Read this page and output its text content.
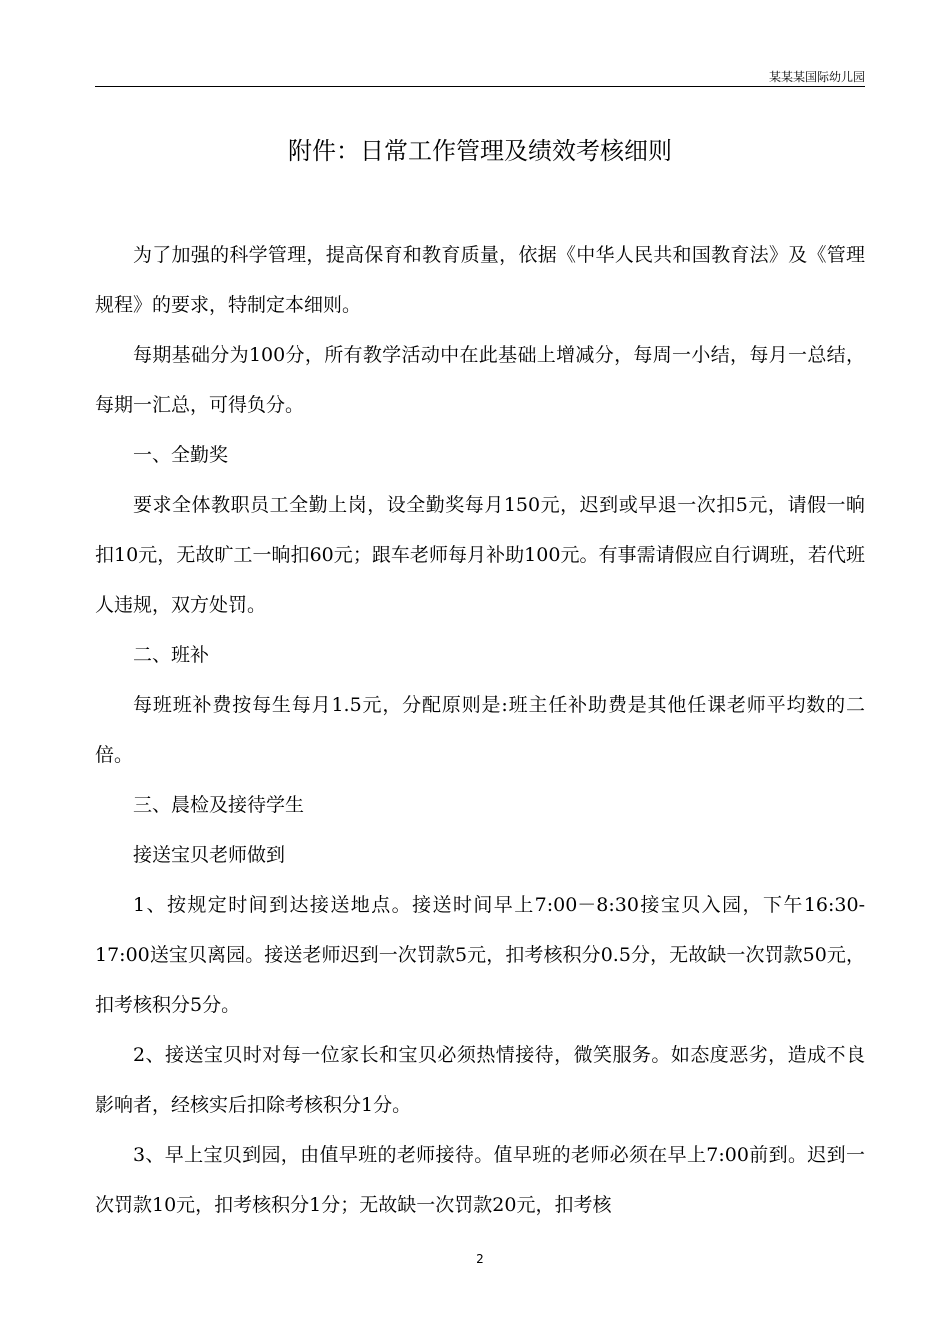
某某某国际幼儿园
附件：日常工作管理及绩效考核细则

为了加强的科学管理，提高保育和教育质量，依据《中华人民共和国教育法》及《管理规程》的要求，特制定本细则。

每期基础分为100分，所有教学活动中在此基础上增减分，每周一小结，每月一总结，每期一汇总，可得负分。

一、全勤奖

要求全体教职员工全勤上岗，设全勤奖每月150元，迟到或早退一次扣5元，请假一晌扣10元，无故旷工一晌扣60元；跟车老师每月补助100元。有事需请假应自行调班，若代班人违规，双方处罚。

二、班补

每班班补费按每生每月1.5元，分配原则是:班主任补助费是其他任课老师平均数的二倍。

三、晨检及接待学生

接送宝贝老师做到

1、按规定时间到达接送地点。接送时间早上7:00－8:30接宝贝入园，下午16:30-17:00送宝贝离园。接送老师迟到一次罚款5元，扣考核积分0.5分，无故缺一次罚款50元，扣考核积分5分。

2、接送宝贝时对每一位家长和宝贝必须热情接待，微笑服务。如态度恶劣，造成不良影响者，经核实后扣除考核积分1分。

3、早上宝贝到园，由值早班的老师接待。值早班的老师必须在早上7:00前到。迟到一次罚款10元，扣考核积分1分；无故缺一次罚款20元，扣考核

2
